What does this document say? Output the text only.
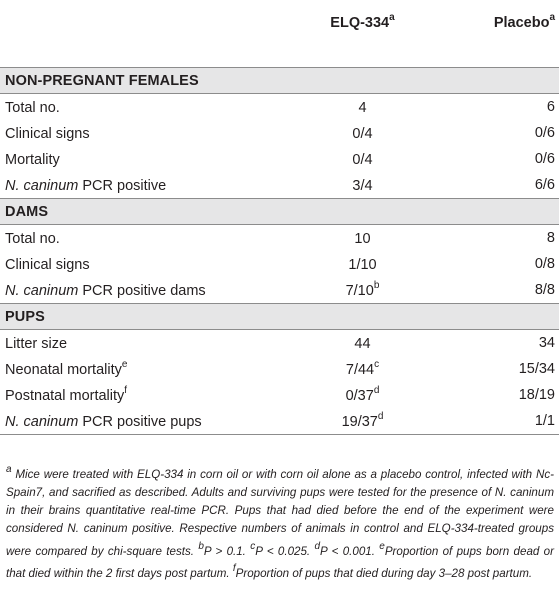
	ELQ-334$^a$	Placebo$^a$
NON-PREGNANT FEMALES		
Total no.	4	6
Clinical signs	0/4	0/6
Mortality	0/4	0/6
N. caninum PCR positive	3/4	6/6
DAMS		
Total no.	10	8
Clinical signs	1/10	0/8
N. caninum PCR positive dams	7/10$^b$	8/8
PUPS		
Litter size	44	34
Neonatal mortality$^e$	7/44$^c$	15/34
Postnatal mortality$^f$	0/37$^d$	18/19
N. caninum PCR positive pups	19/37$^d$	1/1
$^a$ Mice were treated with ELQ-334 in corn oil or with corn oil alone as a placebo control, infected with Nc-Spain7, and sacrified as described. Adults and surviving pups were tested for the presence of N. caninum in their brains quantitative real-time PCR. Pups that had died before the end of the experiment were considered N. caninum positive. Respective numbers of animals in control and ELQ-334-treated groups were compared by chi-square tests. $^b$P > 0.1. $^c$P < 0.025. $^d$P < 0.001. $^e$Proportion of pups born dead or that died within the 2 first days post partum. $^f$Proportion of pups that died during day 3–28 post partum.
